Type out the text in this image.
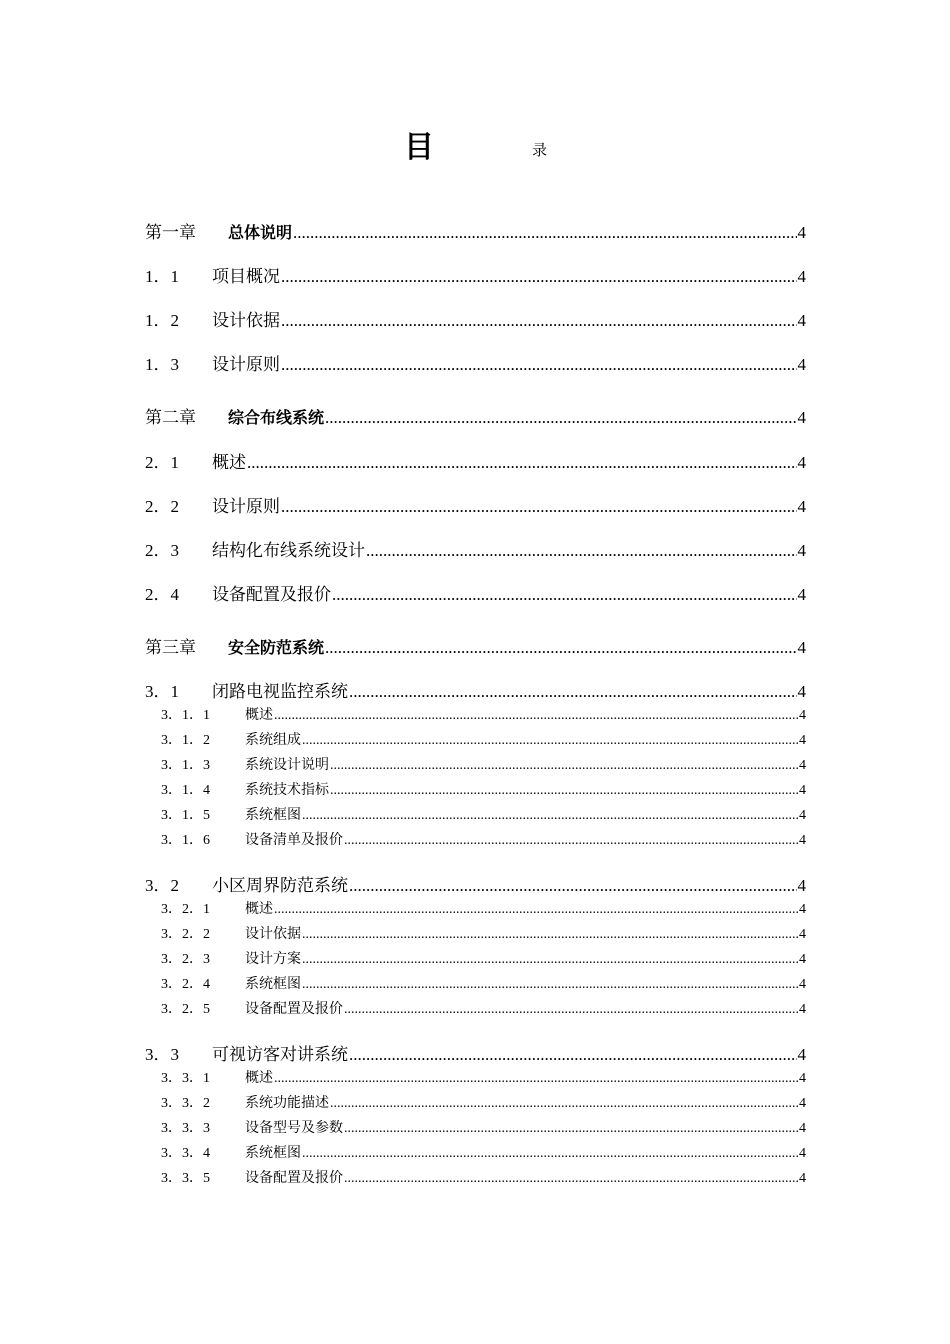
目	录
第一章	总体说明 .....	4
1．1	项目概况 .....	4
1．2	设计依据 .....	4
1．3	设计原则 .....	4
第二章	综合布线系统 .....	4
2．1	概述 .....	4
2．2	设计原则 .....	4
2．3	结构化布线系统设计 .....	4
2．4	设备配置及报价 .....	4
第三章	安全防范系统 .....	4
3．1	闭路电视监控系统 .....	4
3．1．1	概述 .....	4
3．1．2	系统组成 .....	4
3．1．3	系统设计说明 .....	4
3．1．4	系统技术指标 .....	4
3．1．5	系统框图 .....	4
3．1．6	设备清单及报价 .....	4
3．2	小区周界防范系统 .....	4
3．2．1	概述 .....	4
3．2．2	设计依据 .....	4
3．2．3	设计方案 .....	4
3．2．4	系统框图 .....	4
3．2．5	设备配置及报价 .....	4
3．3	可视访客对讲系统 .....	4
3．3．1	概述 .....	4
3．3．2	系统功能描述 .....	4
3．3．3	设备型号及参数 .....	4
3．3．4	系统框图 .....	4
3．3．5	设备配置及报价 .....	4
